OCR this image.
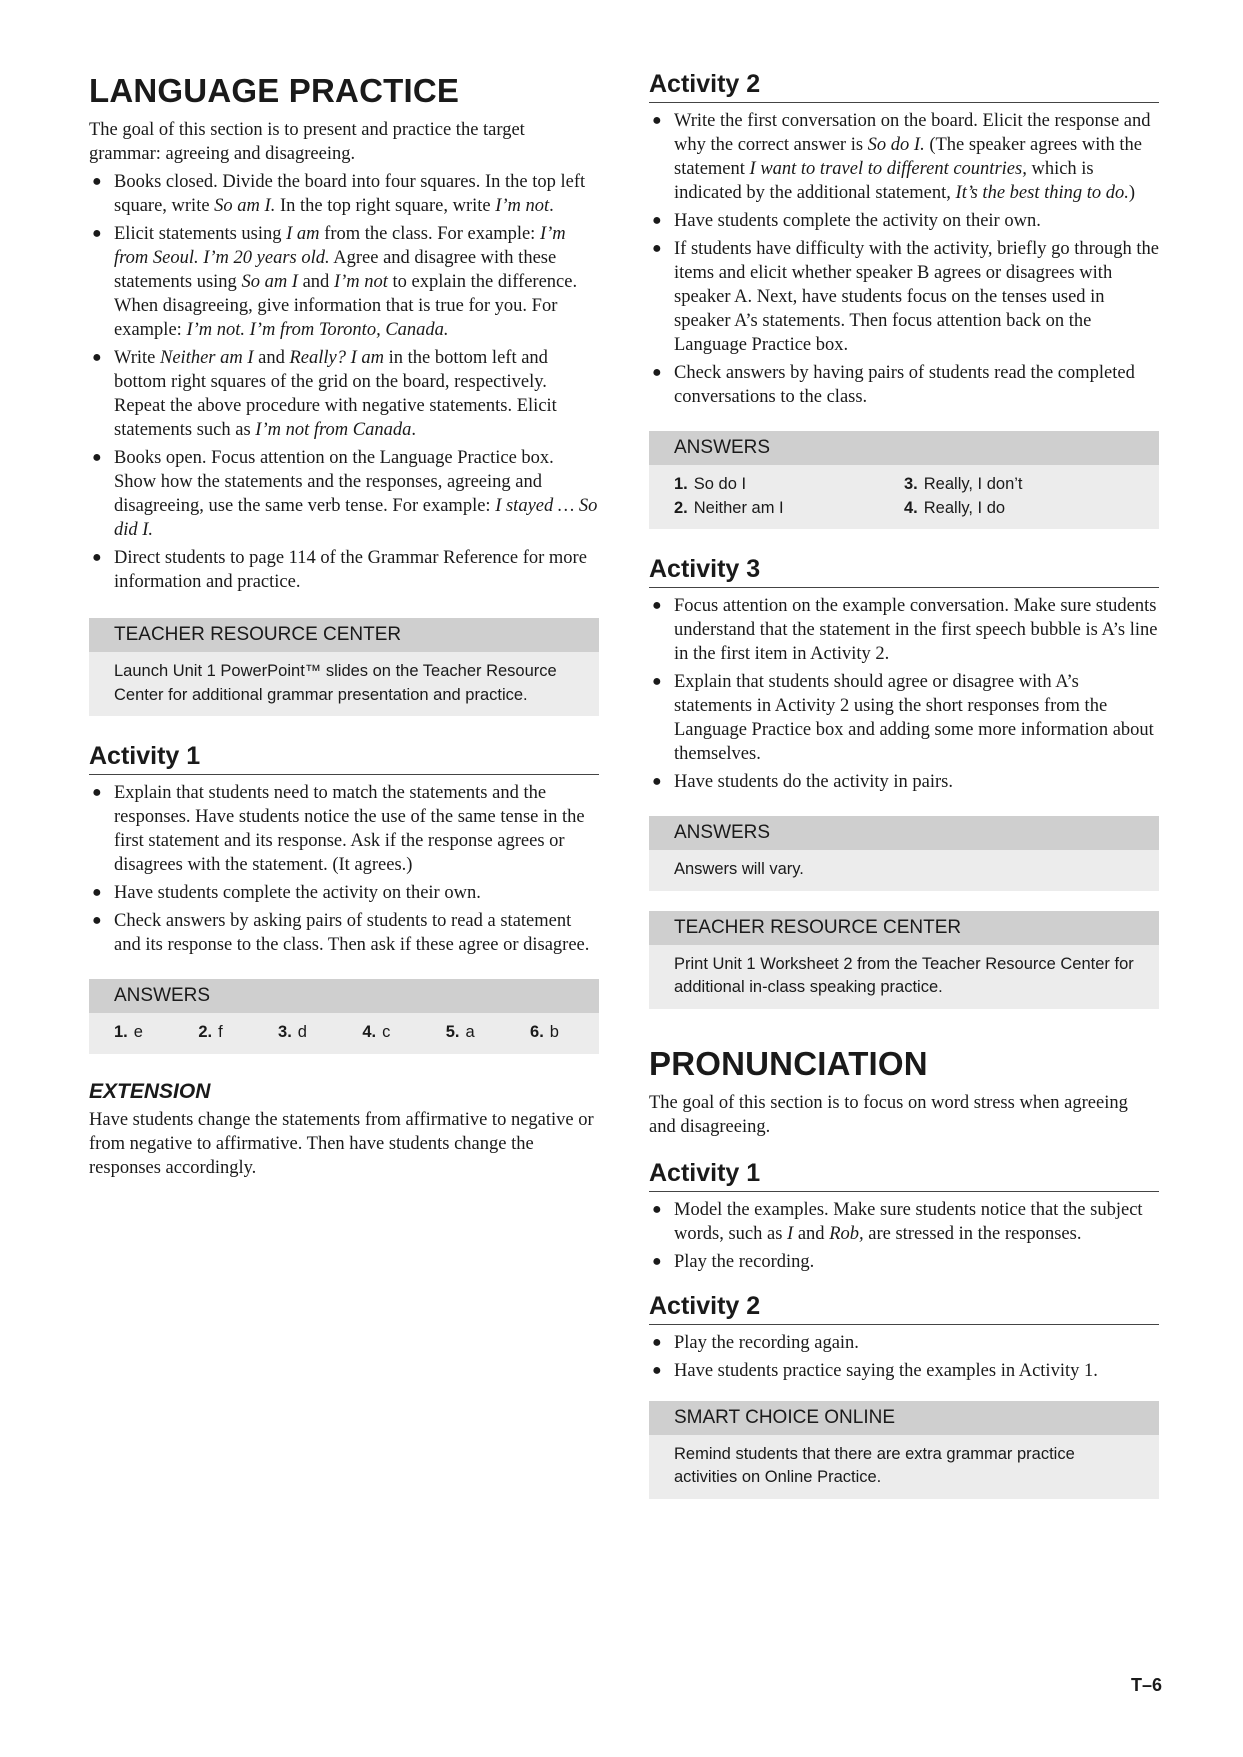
LANGUAGE PRACTICE

The goal of this section is to present and practice the target grammar: agreeing and disagreeing.

● Books closed. Divide the board into four squares. In the top left square, write So am I. In the top right square, write I’m not.
● Elicit statements using I am from the class. For example: I’m from Seoul. I’m 20 years old. Agree and disagree with these statements using So am I and I’m not to explain the difference. When disagreeing, give information that is true for you. For example: I’m not. I’m from Toronto, Canada.
● Write Neither am I and Really? I am in the bottom left and bottom right squares of the grid on the board, respectively. Repeat the above procedure with negative statements. Elicit statements such as I’m not from Canada.
● Books open. Focus attention on the Language Practice box. Show how the statements and the responses, agreeing and disagreeing, use the same verb tense. For example: I stayed … So did I.
● Direct students to page 114 of the Grammar Reference for more information and practice.
TEACHER RESOURCE CENTER
Launch Unit 1 PowerPoint™ slides on the Teacher Resource Center for additional grammar presentation and practice.
Activity 1
● Explain that students need to match the statements and the responses. Have students notice the use of the same tense in the first statement and its response. Ask if the response agrees or disagrees with the statement. (It agrees.)
● Have students complete the activity on their own.
● Check answers by asking pairs of students to read a statement and its response to the class. Then ask if these agree or disagree.
ANSWERS
1. e	2. f	3. d	4. c	5. a	6. b
EXTENSION

Have students change the statements from affirmative to negative or from negative to affirmative. Then have students change the responses accordingly.

Activity 2
● Write the first conversation on the board. Elicit the response and why the correct answer is So do I. (The speaker agrees with the statement I want to travel to different countries, which is indicated by the additional statement, It’s the best thing to do.)
● Have students complete the activity on their own.
● If students have difficulty with the activity, briefly go through the items and elicit whether speaker B agrees or disagrees with speaker A. Next, have students focus on the tenses used in speaker A’s statements. Then focus attention back on the Language Practice box.
● Check answers by having pairs of students read the completed conversations to the class.
ANSWERS
1. So do I
2. Neither am I
3. Really, I don’t
4. Really, I do
Activity 3
● Focus attention on the example conversation. Make sure students understand that the statement in the first speech bubble is A’s line in the first item in Activity 2.
● Explain that students should agree or disagree with A’s statements in Activity 2 using the short responses from the Language Practice box and adding some more information about themselves.
● Have students do the activity in pairs.
ANSWERS
Answers will vary.
TEACHER RESOURCE CENTER
Print Unit 1 Worksheet 2 from the Teacher Resource Center for additional in-class speaking practice.
PRONUNCIATION

The goal of this section is to focus on word stress when agreeing and disagreeing.

Activity 1
● Model the examples. Make sure students notice that the subject words, such as I and Rob, are stressed in the responses.
● Play the recording.
Activity 2
● Play the recording again.
● Have students practice saying the examples in Activity 1.
SMART CHOICE ONLINE
Remind students that there are extra grammar practice activities on Online Practice.
T–6
